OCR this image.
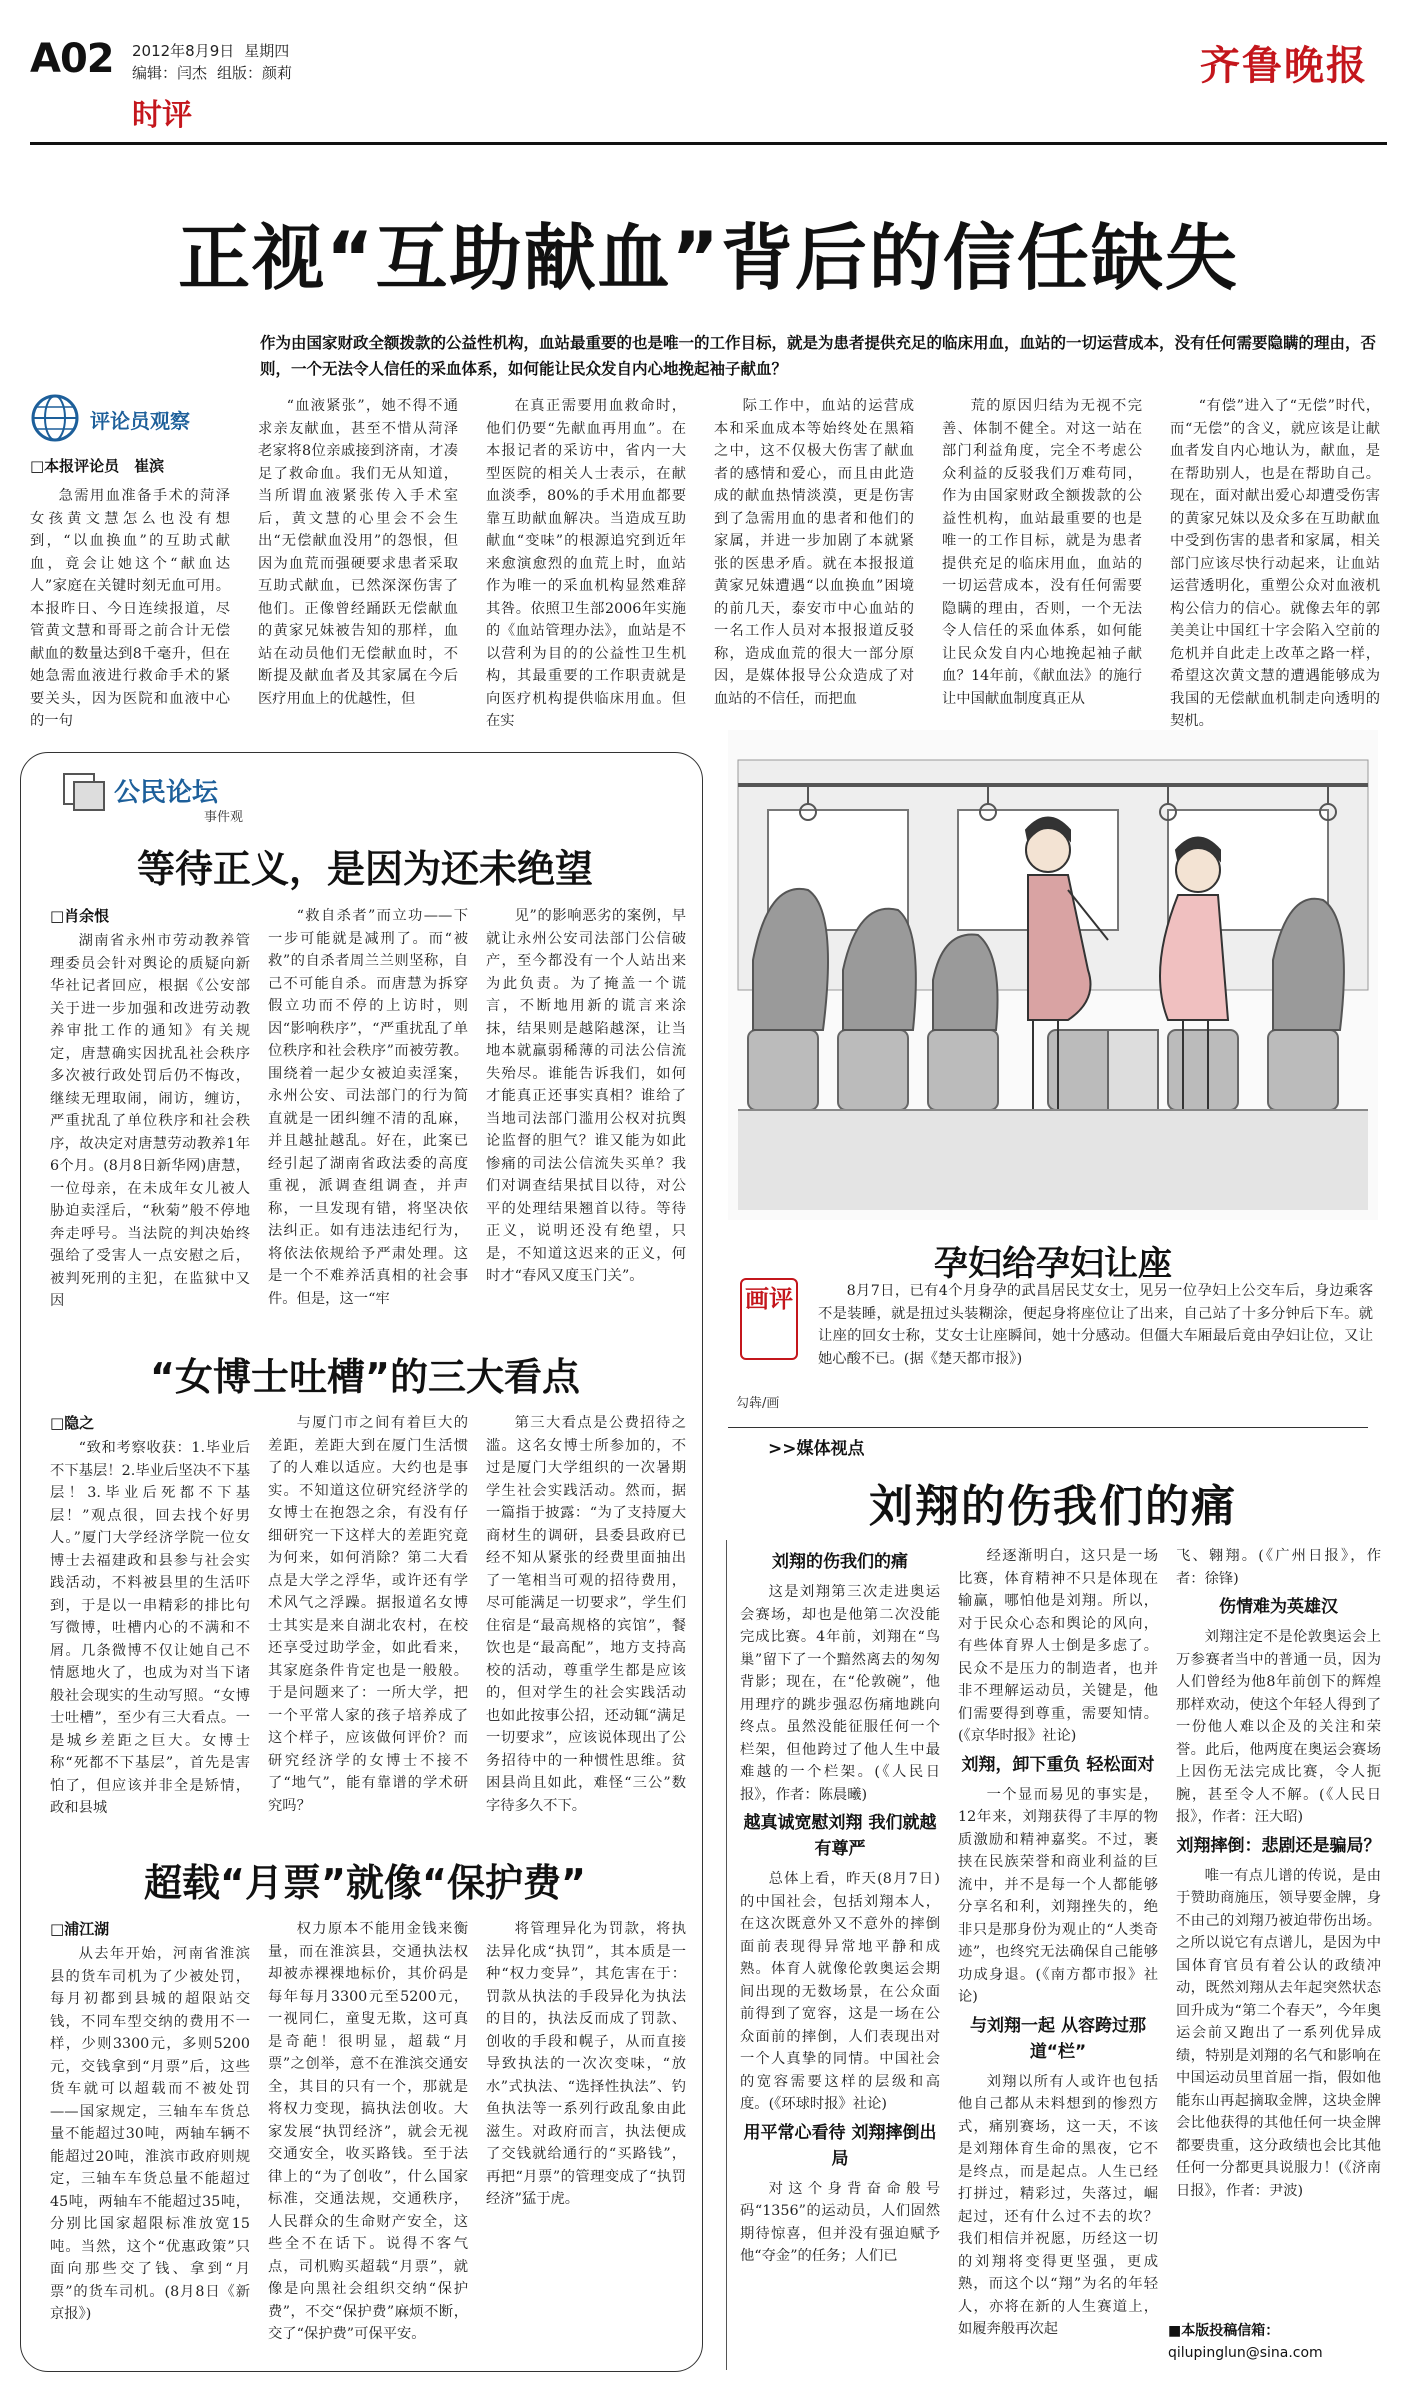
A02 2012年8月9日 星期四
编辑：闫杰 组版：颜莉
时评
齐鲁晚报
正视“互助献血”背后的信任缺失
作为由国家财政全额拨款的公益性机构，血站最重要的也是唯一的工作目标，就是为患者提供充足的临床用血，血站的一切运营成本，没有任何需要隐瞒的理由，否则，一个无法令人信任的采血体系，如何能让民众发自内心地挽起袖子献血？
评论员观察
□本报评论员　崔滨

急需用血准备手术的菏泽女孩黄文慧怎么也没有想到，“以血换血”的互助式献血，竟会让她这个“献血达人”家庭在关键时刻无血可用。本报昨日、今日连续报道，尽管黄文慧和哥哥之前合计无偿献血的数量达到8千毫升，但在她急需血液进行救命手术的紧要关头，因为医院和血液中心的一句

“血液紧张”，她不得不通求亲友献血，甚至不惜从菏泽老家将8位亲戚接到济南，才凑足了救命血。我们无从知道，当所谓血液紧张传入手术室后，黄文慧的心里会不会生出“无偿献血没用”的怨恨，但因为血荒而强硬要求患者采取互助式献血，已然深深伤害了他们。正像曾经踊跃无偿献血的黄家兄妹被告知的那样，血站在动员他们无偿献血时，不断提及献血者及其家属在今后医疗用血上的优越性，但

在真正需要用血救命时，他们仍要“先献血再用血”。在本报记者的采访中，省内一大型医院的相关人士表示，在献血淡季，80%的手术用血都要靠互助献血解决。当造成互助献血“变味”的根源追究到近年来愈演愈烈的血荒上时，血站作为唯一的采血机构显然难辞其咎。依照卫生部2006年实施的《血站管理办法》，血站是不以营利为目的的公益性卫生机构，其最重要的工作职责就是向医疗机构提供临床用血。但在实

际工作中，血站的运营成本和采血成本等始终处在黑箱之中，这不仅极大伤害了献血者的感情和爱心，而且由此造成的献血热情淡漠，更是伤害到了急需用血的患者和他们的家属，并进一步加剧了本就紧张的医患矛盾。就在本报报道黄家兄妹遭遇“以血换血”困境的前几天，泰安市中心血站的一名工作人员对本报报道反驳称，造成血荒的很大一部分原因，是媒体报导公众造成了对血站的不信任，而把血

荒的原因归结为无视不完善、体制不健全。对这一站在部门利益角度，完全不考虑公众利益的反驳我们万难苟同，作为由国家财政全额拨款的公益性机构，血站最重要的也是唯一的工作目标，就是为患者提供充足的临床用血，血站的一切运营成本，没有任何需要隐瞒的理由，否则，一个无法令人信任的采血体系，如何能让民众发自内心地挽起袖子献血？14年前，《献血法》的施行让中国献血制度真正从

“有偿”进入了“无偿”时代，而“无偿”的含义，就应该是让献血者发自内心地认为，献血，是在帮助别人，也是在帮助自己。现在，面对献出爱心却遭受伤害的黄家兄妹以及众多在互助献血中受到伤害的患者和家属，相关部门应该尽快行动起来，让血站运营透明化，重塑公众对血液机构公信力的信心。就像去年的郭美美让中国红十字会陷入空前的危机并自此走上改革之路一样，希望这次黄文慧的遭遇能够成为我国的无偿献血机制走向透明的契机。

公民论坛
事件观
等待正义，是因为还未绝望
□肖余恨

湖南省永州市劳动教养管理委员会针对舆论的质疑向新华社记者回应，根据《公安部关于进一步加强和改进劳动教养审批工作的通知》有关规定，唐慧确实因扰乱社会秩序多次被行政处罚后仍不悔改，继续无理取闹，闹访，缠访，严重扰乱了单位秩序和社会秩序，故决定对唐慧劳动教养1年6个月。(8月8日新华网)唐慧，一位母亲，在未成年女儿被人胁迫卖淫后，“秋菊”般不停地奔走呼号。当法院的判决始终强给了受害人一点安慰之后，被判死刑的主犯，在监狱中又因

“救自杀者”而立功——下一步可能就是减刑了。而“被救”的自杀者周兰兰则坚称，自己不可能自杀。而唐慧为拆穿假立功而不停的上访时，则因“影响秩序”，“严重扰乱了单位秩序和社会秩序”而被劳教。围绕着一起少女被迫卖淫案，永州公安、司法部门的行为简直就是一团纠缠不清的乱麻，并且越扯越乱。好在，此案已经引起了湖南省政法委的高度重视，派调查组调查，并声称，一旦发现有错，将坚决依法纠正。如有违法违纪行为，将依法依规给予严肃处理。这是一个不难养活真相的社会事件。但是，这一“牢

见”的影响恶劣的案例，早就让永州公安司法部门公信破产，至今都没有一个人站出来为此负责。为了掩盖一个谎言，不断地用新的谎言来涂抹，结果则是越陷越深，让当地本就羸弱稀薄的司法公信流失殆尽。谁能告诉我们，如何才能真正还事实真相？谁给了当地司法部门滥用公权对抗舆论监督的胆气？谁又能为如此惨痛的司法公信流失买单？我们对调查结果拭目以待，对公平的处理结果翘首以待。等待正义，说明还没有绝望，只是，不知道这迟来的正义，何时才“春风又度玉门关”。

“女博士吐槽”的三大看点
□隐之

“致和考察收获：1.毕业后不下基层！2.毕业后坚决不下基层！3.毕业后死都不下基层！”观点很，回去找个好男人。”厦门大学经济学院一位女博士去福建政和县参与社会实践活动，不料被县里的生活吓到，于是以一串精彩的排比句写微博，吐槽内心的不满和不屑。几条微博不仅让她自己不情愿地火了，也成为对当下诸般社会现实的生动写照。“女博士吐槽”，至少有三大看点。一是城乡差距之巨大。女博士称“死都不下基层”，首先是害怕了，但应该并非全是矫情，政和县城

与厦门市之间有着巨大的差距，差距大到在厦门生活惯了的人难以适应。大约也是事实。不知道这位研究经济学的女博士在抱怨之余，有没有仔细研究一下这样大的差距究竟为何来，如何消除？第二大看点是大学之浮华，或许还有学术风气之浮躁。据报道名女博士其实是来自湖北农村，在校还享受过助学金，如此看来，其家庭条件肯定也是一般般。于是问题来了：一所大学，把一个平常人家的孩子培养成了这个样子，应该做何评价？而研究经济学的女博士不接不了“地气”，能有靠谱的学术研究吗？

第三大看点是公费招待之滥。这名女博士所参加的，不过是厦门大学组织的一次暑期学生社会实践活动。然而，据一篇指于披露：“为了支持厦大商材生的调研，县委县政府已经不知从紧张的经费里面抽出了一笔相当可观的招待费用，尽可能满足一切要求”，学生们住宿是“最高规格的宾馆”，餐饮也是“最高配”，地方支持高校的活动，尊重学生都是应该的，但对学生的社会实践活动也如此按事公招，还动辄“满足一切要求”，应该说体现出了公务招待中的一种惯性思维。贫困县尚且如此，难怪“三公”数字待多久不下。

超载“月票”就像“保护费”
□浦江湖

从去年开始，河南省淮滨县的货车司机为了少被处罚，每月初都到县城的超限站交钱，不同车型交纳的费用不一样，少则3300元，多则5200元，交钱拿到“月票”后，这些货车就可以超载而不被处罚——国家规定，三轴车车货总量不能超过30吨，两轴车辆不能超过20吨，淮滨市政府则规定，三轴车车货总量不能超过45吨，两轴车不能超过35吨，分别比国家超限标准放宽15吨。当然，这个“优惠政策”只面向那些交了钱、拿到“月票”的货车司机。(8月8日《新京报》)

权力原本不能用金钱来衡量，而在淮滨县，交通执法权却被赤裸裸地标价，其价码是每年每月3300元至5200元，一视同仁，童叟无欺，这可真是奇葩！很明显，超载“月票”之创举，意不在淮滨交通安全，其目的只有一个，那就是将权力变现，搞执法创收。大家发展“执罚经济”，就会无视交通安全，收买路钱。至于法律上的“为了创收”，什么国家标准，交通法规，交通秩序，人民群众的生命财产安全，这些全不在话下。说得不客气点，司机购买超载“月票”，就像是向黑社会组织交纳“保护费”，不交“保护费”麻烦不断，交了“保护费”可保平安。

将管理异化为罚款，将执法异化成“执罚”，其本质是一种“权力变异”，其危害在于：罚款从执法的手段异化为执法的目的，执法反而成了罚款、创收的手段和幌子，从而直接导致执法的一次次变味，“放水”式执法、“选择性执法”、钓鱼执法等一系列行政乱象由此滋生。对政府而言，执法便成了交钱就给通行的“买路钱”，再把“月票”的管理变成了“执罚经济”猛于虎。

孕妇给孕妇让座
画评
勾犇/画

8月7日，已有4个月身孕的武昌居民艾女士，见另一位孕妇上公交车后，身边乘客不是装睡，就是扭过头装糊涂，便起身将座位让了出来，自己站了十多分钟后下车。就让座的回女士称，艾女士让座瞬间，她十分感动。但僵大车厢最后竟由孕妇让位，又让她心酸不已。(据《楚天都市报》)

>>媒体视点
刘翔的伤我们的痛
刘翔的伤我们的痛

这是刘翔第三次走进奥运会赛场，却也是他第二次没能完成比赛。4年前，刘翔在“鸟巢”留下了一个黯然离去的匆匆背影；现在，在“伦敦碗”，他用理疗的跳步强忍伤痛地跳向终点。虽然没能征服任何一个栏架，但他跨过了他人生中最难越的一个栏架。(《人民日报》，作者：陈晨曦)

越真诚宽慰刘翔 我们就越有尊严

总体上看，昨天(8月7日)的中国社会，包括刘翔本人，在这次既意外又不意外的摔倒面前表现得异常地平静和成熟。体育人就像伦敦奥运会期间出现的无数场景，在公众面前得到了宽容，这是一场在公众面前的摔倒，人们表现出对一个人真挚的同情。中国社会的宽容需要这样的层级和高度。(《环球时报》社论)

用平常心看待 刘翔摔倒出局

对这个身背奋命般号码“1356”的运动员，人们固然期待惊喜，但并没有强迫赋予他“夺金”的任务；人们已

经逐渐明白，这只是一场比赛，体育精神不只是体现在输赢，哪怕他是刘翔。所以，对于民众心态和舆论的风向，有些体育界人士倒是多虑了。民众不是压力的制造者，也并非不理解运动员，关键是，他们需要得到尊重，需要知情。(《京华时报》社论)

刘翔，卸下重负 轻松面对

一个显而易见的事实是，12年来，刘翔获得了丰厚的物质激励和精神嘉奖。不过，裹挟在民族荣誉和商业利益的巨流中，并不是每一个人都能够分享名和利，刘翔挫失的，绝非只是那身份为观止的“人类奇迹”，也终究无法确保自己能够功成身退。(《南方都市报》社论)

与刘翔一起 从容跨过那道“栏”

刘翔以所有人或许也包括他自己都从未料想到的惨烈方式，痛别赛场，这一天，不该是刘翔体育生命的黑夜，它不是终点，而是起点。人生已经打拼过，精彩过，失落过，崛起过，还有什么过不去的坎？我们相信并祝愿，历经这一切的刘翔将变得更坚强，更成熟，而这个以“翔”为名的年轻人，亦将在新的人生赛道上，如履奔般再次起

飞、翱翔。(《广州日报》，作者：徐锋)

伤情难为英雄汉

刘翔注定不是伦敦奥运会上万参赛者当中的普通一员，因为人们曾经为他8年前创下的辉煌那样欢动，使这个年轻人得到了一份他人难以企及的关注和荣誉。此后，他两度在奥运会赛场上因伤无法完成比赛，令人扼腕，甚至令人不解。(《人民日报》，作者：汪大昭)

刘翔摔倒：悲剧还是骗局？

唯一有点儿谱的传说，是由于赞助商施压，领导要金牌，身不由己的刘翔乃被迫带伤出场。之所以说它有点谱儿，是因为中国体育官员有着公认的政绩冲动，既然刘翔从去年起突然状态回升成为“第二个春天”，今年奥运会前又跑出了一系列优异成绩，特别是刘翔的名气和影响在中国运动员里首屈一指，假如他能东山再起摘取金牌，这块金牌会比他获得的其他任何一块金牌都要贵重，这分政绩也会比其他任何一分都更具说服力！(《济南日报》，作者：尹波)

■本版投稿信箱：
qilupinglun@sina.com
